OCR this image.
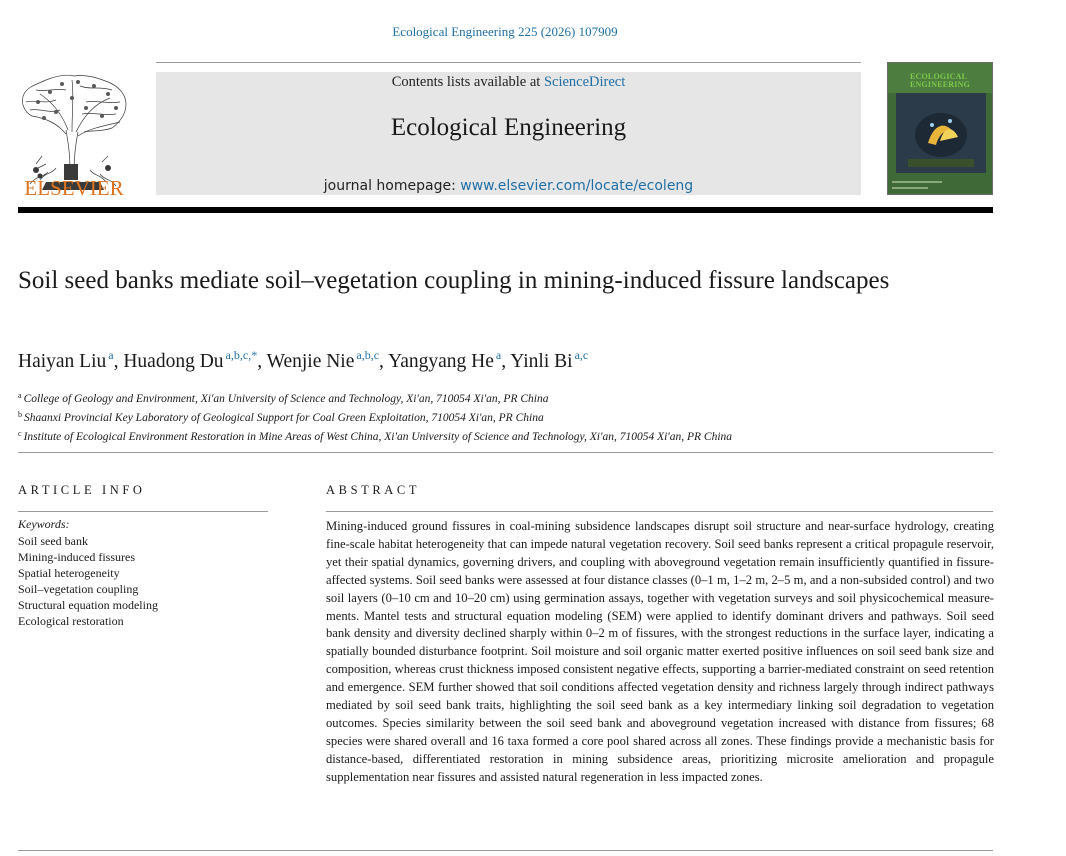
Ecological Engineering 225 (2026) 107909
ELSEVIER
Contents lists available at ScienceDirect
Ecological Engineering
journal homepage: www.elsevier.com/locate/ecoleng
ECOLOGICAL
ENGINEERING
Soil seed banks mediate soil–vegetation coupling in mining-induced fissure landscapes
Haiyan Liu $^a$, Huadong Du $^{a,b,c,*}$, Wenjie Nie $^{a,b,c}$, Yangyang He $^a$, Yinli Bi $^{a,c}$
$^a$ College of Geology and Environment, Xi'an University of Science and Technology, Xi'an, 710054 Xi'an, PR China
$^b$ Shaanxi Provincial Key Laboratory of Geological Support for Coal Green Exploitation, 710054 Xi'an, PR China
$^c$ Institute of Ecological Environment Restoration in Mine Areas of West China, Xi'an University of Science and Technology, Xi'an, 710054 Xi'an, PR China
ARTICLE INFO	ABSTRACT
Keywords:
Soil seed bank
Mining-induced fissures
Spatial heterogeneity
Soil–vegetation coupling
Structural equation modeling
Ecological restoration
Mining-induced ground fissures in coal-mining subsidence landscapes disrupt soil structure and near-surface hydrology, creating fine-scale habitat heterogeneity that can impede natural vegetation recovery. Soil seed banks represent a critical propagule reservoir, yet their spatial dynamics, governing drivers, and coupling with aboveground vegetation remain insufficiently quantified in fissure-affected systems. Soil seed banks were assessed at four distance classes (0–1 m, 1–2 m, 2–5 m, and a non-subsided control) and two soil layers (0–10 cm and 10–20 cm) using germination assays, together with vegetation surveys and soil physicochemical measurements. Mantel tests and structural equation modeling (SEM) were applied to identify dominant drivers and pathways. Soil seed bank density and diversity declined sharply within 0–2 m of fissures, with the strongest reductions in the surface layer, indicating a spatially bounded disturbance footprint. Soil moisture and soil organic matter exerted positive influences on soil seed bank size and composition, whereas crust thickness imposed consistent negative effects, supporting a barrier-mediated constraint on seed retention and emergence. SEM further showed that soil conditions affected vegetation density and richness largely through indirect pathways mediated by soil seed bank traits, highlighting the soil seed bank as a key intermediary linking soil degradation to vegetation outcomes. Species similarity between the soil seed bank and aboveground vegetation increased with distance from fissures; 68 species were shared overall and 16 taxa formed a core pool shared across all zones. These findings provide a mechanistic basis for distance-based, differentiated restoration in mining subsidence areas, prioritizing microsite amelioration and propagule supplementation near fissures and assisted natural regeneration in less impacted zones.
